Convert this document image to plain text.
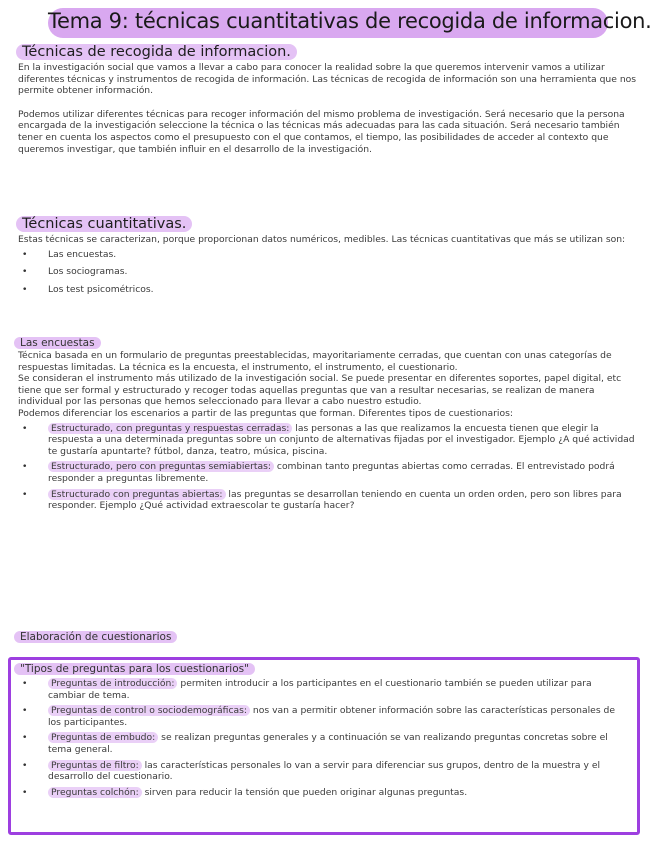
Tema 9: técnicas cuantitativas de recogida de informacion.
Técnicas de recogida de informacion.

En la investigación social que vamos a llevar a cabo para conocer la realidad sobre la que queremos intervenir vamos a utilizar diferentes técnicas y instrumentos de recogida de información. Las técnicas de recogida de información son una herramienta que nos permite obtener información.

Podemos utilizar diferentes técnicas para recoger información del mismo problema de investigación. Será necesario que la persona encargada de la investigación seleccione la técnica o las técnicas más adecuadas para las cada situación. Será necesario también tener en cuenta los aspectos como el presupuesto con el que contamos, el tiempo, las posibilidades de acceder al contexto que queremos investigar, que también influir en el desarrollo de la investigación.

Técnicas cuantitativas.

Estas técnicas se caracterizan, porque proporcionan datos numéricos, medibles. Las técnicas cuantitativas que más se utilizan son:

• Las encuestas.
• Los sociogramas.
• Los test psicométricos.
Las encuestas

Técnica basada en un formulario de preguntas preestablecidas, mayoritariamente cerradas, que cuentan con unas categorías de respuestas limitadas. La técnica es la encuesta, el instrumento, el instrumento, el cuestionario.

Se consideran el instrumento más utilizado de la investigación social. Se puede presentar en diferentes soportes, papel digital, etc tiene que ser formal y estructurado y recoger todas aquellas preguntas que van a resultar necesarias, se realizan de manera individual por las personas que hemos seleccionado para llevar a cabo nuestro estudio.

Podemos diferenciar los escenarios a partir de las preguntas que forman. Diferentes tipos de cuestionarios:

•	Estructurado, con preguntas y respuestas cerradas: las personas a las que realizamos la encuesta tienen que elegir la respuesta a una determinada preguntas sobre un conjunto de alternativas fijadas por el investigador. Ejemplo ¿A qué actividad te gustaría apuntarte? fútbol, danza, teatro, música, piscina.
•	Estructurado, pero con preguntas semiabiertas: combinan tanto preguntas abiertas como cerradas. El entrevistado podrá responder a preguntas libremente.
•	Estructurado con preguntas abiertas: las preguntas se desarrollan teniendo en cuenta un orden orden, pero son libres para responder. Ejemplo ¿Qué actividad extraescolar te gustaría hacer?
Elaboración de cuestionarios
"Tipos de preguntas para los cuestionarios"
•	Preguntas de introducción: permiten introducir a los participantes en el cuestionario también se pueden utilizar para cambiar de tema.
•	Preguntas de control o sociodemográficas: nos van a permitir obtener información sobre las características personales de los participantes.
•	Preguntas de embudo: se realizan preguntas generales y a continuación se van realizando preguntas concretas sobre el tema general.
•	Preguntas de filtro: las características personales lo van a servir para diferenciar sus grupos, dentro de la muestra y el desarrollo del cuestionario.
•	Preguntas colchón: sirven para reducir la tensión que pueden originar algunas preguntas.
